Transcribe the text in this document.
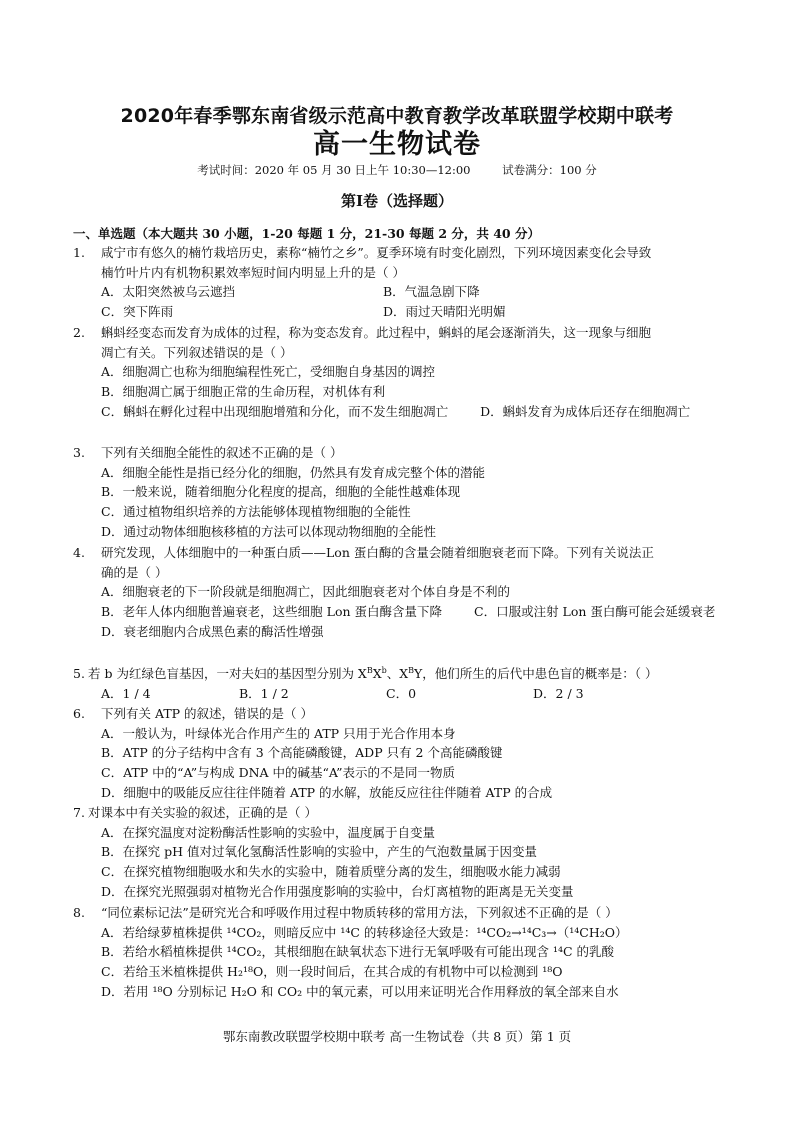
2020年春季鄂东南省级示范高中教育教学改革联盟学校期中联考
高一生物试卷
考试时间：2020 年 05 月 30 日上午 10:30—12:00	试卷满分：100 分
第Ⅰ卷（选择题）
一、单选题（本大题共 30 小题，1-20 每题 1 分，21-30 每题 2 分，共 40 分）
1. 咸宁市有悠久的楠竹栽培历史，素称“楠竹之乡”。夏季环境有时变化剧烈，下列环境因素变化会导致
楠竹叶片内有机物积累效率短时间内明显上升的是（ ）
A．太阳突然被乌云遮挡	B．气温急剧下降
C．突下阵雨	D．雨过天晴阳光明媚
2. 蝌蚪经变态而发育为成体的过程，称为变态发育。此过程中，蝌蚪的尾会逐渐消失，这一现象与细胞
凋亡有关。下列叙述错误的是（ ）
A．细胞凋亡也称为细胞编程性死亡，受细胞自身基因的调控 B．细胞凋亡属于细胞正常的生命历程，对机体有利 C．蝌蚪在孵化过程中出现细胞增殖和分化，而不发生细胞凋亡	D．蝌蚪发育为成体后还存在细胞凋亡
3. 下列有关细胞全能性的叙述不正确的是（ ）
A．细胞全能性是指已经分化的细胞，仍然具有发育成完整个体的潜能 B．一般来说，随着细胞分化程度的提高，细胞的全能性越难体现 C．通过植物组织培养的方法能够体现植物细胞的全能性 D．通过动物体细胞核移植的方法可以体现动物细胞的全能性
4. 研究发现，人体细胞中的一种蛋白质——Lon 蛋白酶的含量会随着细胞衰老而下降。下列有关说法正
确的是（ ）
A．细胞衰老的下一阶段就是细胞凋亡，因此细胞衰老对个体自身是不利的 B．老年人体内细胞普遍衰老，这些细胞 Lon 蛋白酶含量下降	C．口服或注射 Lon 蛋白酶可能会延缓衰老 D．衰老细胞内合成黑色素的酶活性增强
5. 若 b 为红绿色盲基因，一对夫妇的基因型分别为 $X^BX^b$、$X^BY$，他们所生的后代中患色盲的概率是：（ ）
A．1 / 4	B．1 / 2	C．0	D．2 / 3
6. 下列有关 ATP 的叙述，错误的是（ ）
A．一般认为，叶绿体光合作用产生的 ATP 只用于光合作用本身 B．ATP 的分子结构中含有 3 个高能磷酸键，ADP 只有 2 个高能磷酸键 C．ATP 中的“A”与构成 DNA 中的碱基“A”表示的不是同一物质 D．细胞中的吸能反应往往伴随着 ATP 的水解，放能反应往往伴随着 ATP 的合成
7. 对课本中有关实验的叙述，正确的是（ ）
A．在探究温度对淀粉酶活性影响的实验中，温度属于自变量 B．在探究 pH 值对过氧化氢酶活性影响的实验中，产生的气泡数量属于因变量 C．在探究植物细胞吸水和失水的实验中，随着质壁分离的发生，细胞吸水能力减弱 D．在探究光照强弱对植物光合作用强度影响的实验中，台灯离植物的距离是无关变量
8. “同位素标记法”是研究光合和呼吸作用过程中物质转移的常用方法，下列叙述不正确的是（ ）
A．若给绿萝植株提供 ¹⁴CO₂，则暗反应中 ¹⁴C 的转移途径大致是：¹⁴CO₂→¹⁴C₃→（¹⁴CH₂O） B．若给水稻植株提供 ¹⁴CO₂，其根细胞在缺氧状态下进行无氧呼吸有可能出现含 ¹⁴C 的乳酸 C．若给玉米植株提供 H₂¹⁸O，则一段时间后，在其合成的有机物中可以检测到 ¹⁸O D．若用 ¹⁸O 分别标记 H₂O 和 CO₂ 中的氧元素，可以用来证明光合作用释放的氧全部来自水
鄂东南教改联盟学校期中联考 高一生物试卷（共 8 页）第 1 页
